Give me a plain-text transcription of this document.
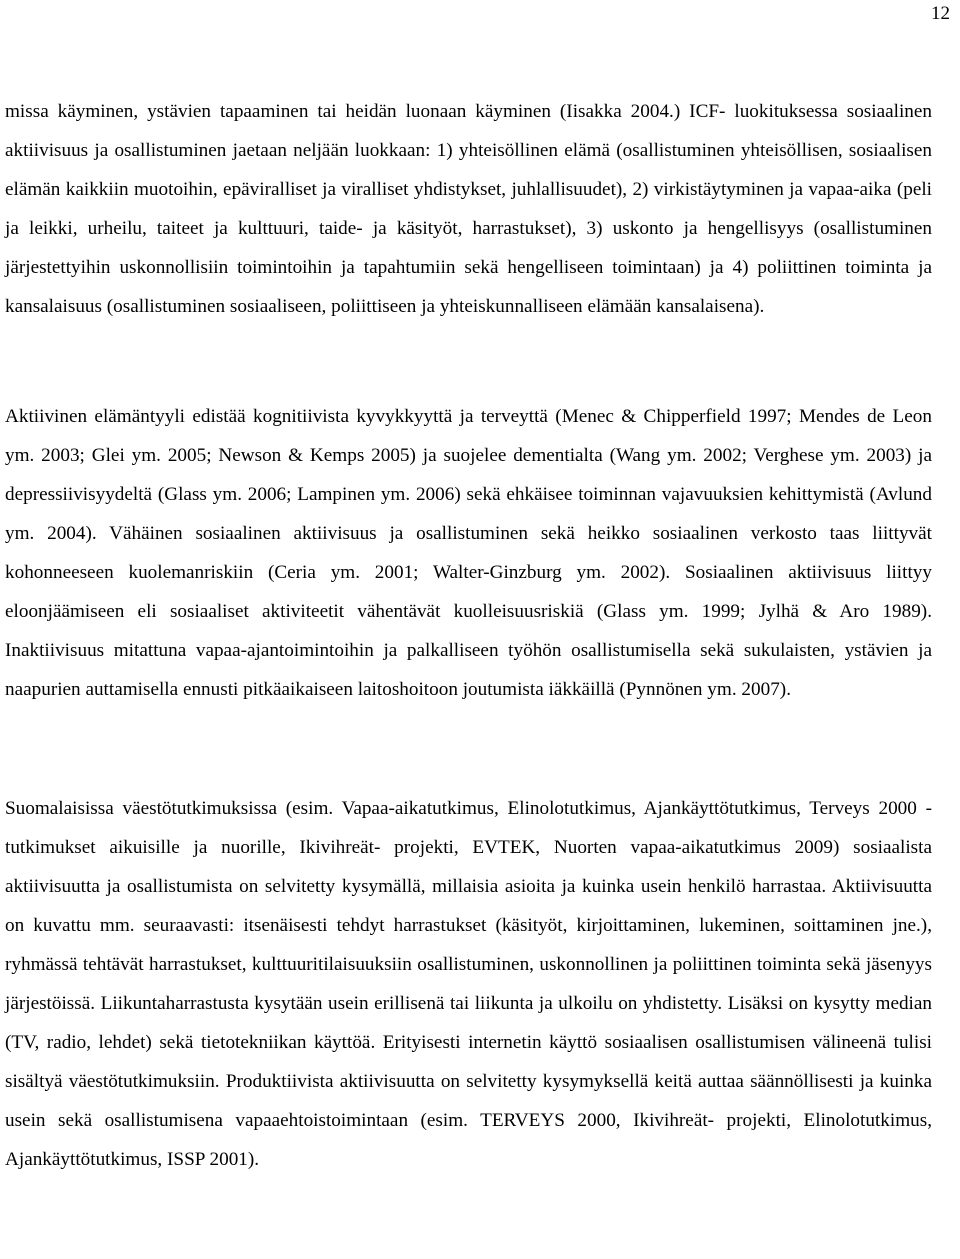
12

missa käyminen, ystävien tapaaminen tai heidän luonaan käyminen (Iisakka 2004.) ICF- luokituksessa sosiaalinen aktiivisuus ja osallistuminen jaetaan neljään luokkaan: 1) yhteisöllinen elämä (osallistuminen yhteisöllisen, sosiaalisen elämän kaikkiin muotoihin, epäviralliset ja viralliset yhdistykset, juhlallisuudet), 2) virkistäytyminen ja vapaa-aika (peli ja leikki, urheilu, taiteet ja kulttuuri, taide- ja käsityöt, harrastukset), 3) uskonto ja hengellisyys (osallistuminen järjestettyihin uskonnollisiin toimintoihin ja tapahtumiin sekä hengelliseen toimintaan) ja 4) poliittinen toiminta ja kansalaisuus (osallistuminen sosiaaliseen, poliittiseen ja yhteiskunnalliseen elämään kansalaisena).

Aktiivinen elämäntyyli edistää kognitiivista kyvykkyyttä ja terveyttä (Menec & Chipperfield 1997; Mendes de Leon ym. 2003; Glei ym. 2005; Newson & Kemps 2005) ja suojelee dementialta (Wang ym. 2002; Verghese ym. 2003) ja depressiivisyydeltä (Glass ym. 2006; Lampinen ym. 2006) sekä ehkäisee toiminnan vajavuuksien kehittymistä (Avlund ym. 2004). Vähäinen sosiaalinen aktiivisuus ja osallistuminen sekä heikko sosiaalinen verkosto taas liittyvät kohonneeseen kuolemanriskiin (Ceria ym. 2001; Walter-Ginzburg ym. 2002). Sosiaalinen aktiivisuus liittyy eloonjäämiseen eli sosiaaliset aktiviteetit vähentävät kuolleisuusriskiä (Glass ym. 1999; Jylhä & Aro 1989). Inaktiivisuus mitattuna vapaa-ajantoimintoihin ja palkalliseen työhön osallistumisella sekä sukulaisten, ystävien ja naapurien auttamisella ennusti pitkäaikaiseen laitoshoitoon joutumista iäkkäillä (Pynnönen ym. 2007).

Suomalaisissa väestötutkimuksissa (esim. Vapaa-aikatutkimus, Elinolotutkimus, Ajankäyttötutkimus, Terveys 2000 -tutkimukset aikuisille ja nuorille, Ikivihreät- projekti, EVTEK, Nuorten vapaa-aikatutkimus 2009) sosiaalista aktiivisuutta ja osallistumista on selvitetty kysymällä, millaisia asioita ja kuinka usein henkilö harrastaa. Aktiivisuutta on kuvattu mm. seuraavasti: itsenäisesti tehdyt harrastukset (käsityöt, kirjoittaminen, lukeminen, soittaminen jne.), ryhmässä tehtävät harrastukset, kulttuuritilaisuuksiin osallistuminen, uskonnollinen ja poliittinen toiminta sekä jäsenyys järjestöissä. Liikuntaharrastusta kysytään usein erillisenä tai liikunta ja ulkoilu on yhdistetty. Lisäksi on kysytty median (TV, radio, lehdet) sekä tietotekniikan käyttöä. Erityisesti internetin käyttö sosiaalisen osallistumisen välineenä tulisi sisältyä väestötutkimuksiin. Produktiivista aktiivisuutta on selvitetty kysymyksellä keitä auttaa säännöllisesti ja kuinka usein sekä osallistumisena vapaaehtoistoimintaan (esim. TERVEYS 2000, Ikivihreät- projekti, Elinolotutkimus, Ajankäyttötutkimus, ISSP 2001).
